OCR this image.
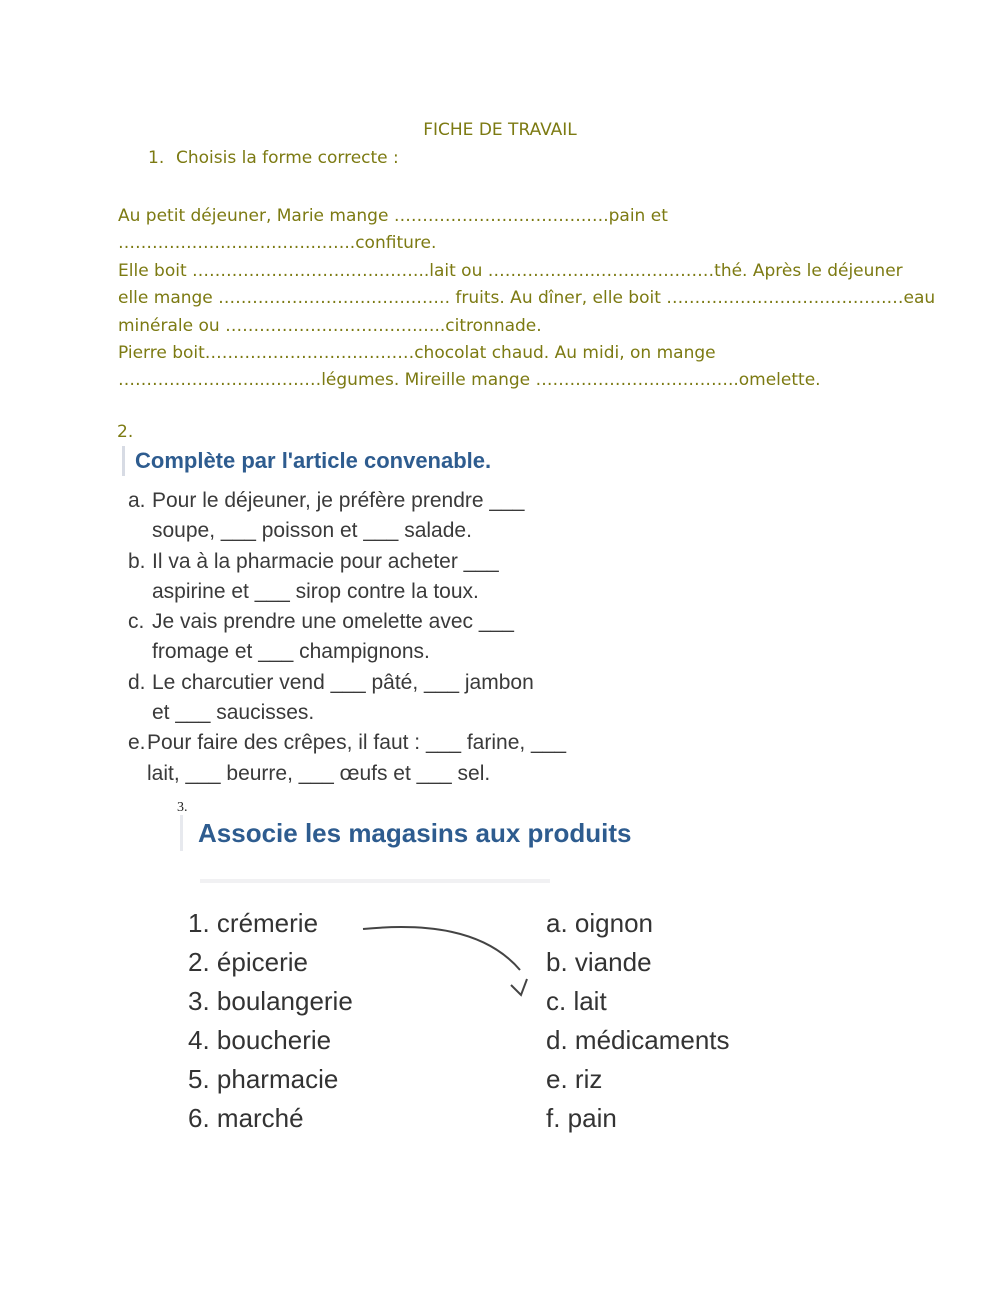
FICHE DE TRAVAIL
1. Choisis la forme correcte :
Au petit déjeuner, Marie mange …………………………….….pain et
…………………………….……..confiture.
Elle boit …………………………….……..lait ou ……………….…………………thé. Après le déjeuner
elle mange ……………………….…………. fruits. Au dîner, elle boit ………………………..……….…eau
minérale ou …………………………….…..citronnade.
Pierre boit……………………….………chocolat chaud. Au midi, on mange
……………………..…….…légumes. Mireille mange ………………….…………..omelette.
2.
Complète par l'article convenable.
a. Pour le déjeuner, je préfère prendre ___
soupe, ___ poisson et ___ salade.
b. Il va à la pharmacie pour acheter ___
aspirine et ___ sirop contre la toux.
c. Je vais prendre une omelette avec ___
fromage et ___ champignons.
d. Le charcutier vend ___ pâté, ___ jambon
et ___ saucisses.
e.Pour faire des crêpes, il faut : ___ farine, ___
lait, ___ beurre, ___ œufs et ___ sel.
3.
Associe les magasins aux produits
1. crémerie
2. épicerie
3. boulangerie
4. boucherie
5. pharmacie
6. marché
a. oignon
b. viande
c. lait
d. médicaments
e. riz
f. pain
